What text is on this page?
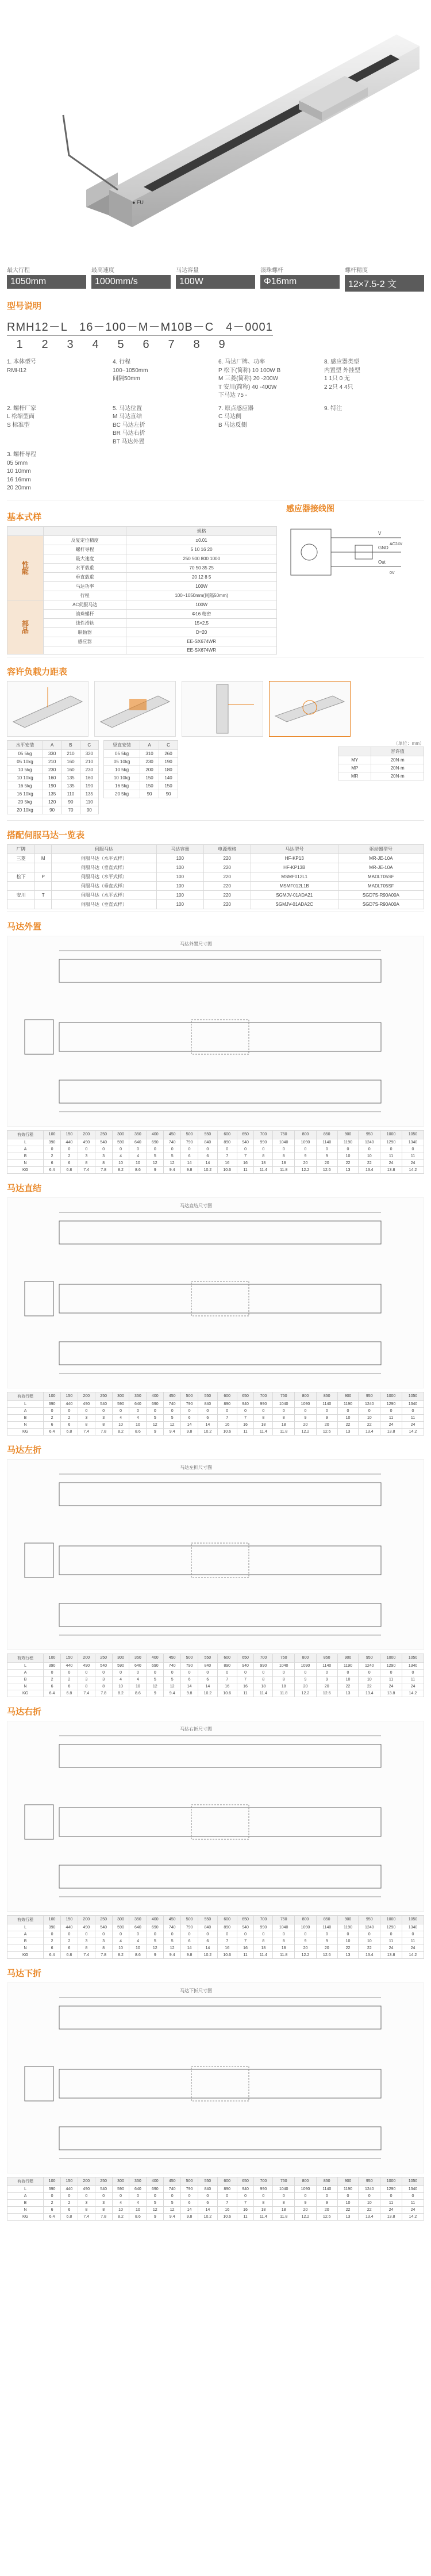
● FU
最大行程
1050mm
最高速度
1000mm/s
马达容量
100W
滚珠螺杆
Φ16mm
螺杆精度
12×7.5-2 文
型号说明
RMH12－L　16－100－M－M10B－C　4－0001
1	2	3	4	5	6	7	8	9
1. 本体型号
RMH12
4. 行程
100~1050mm
间隔50mm
6. 马达厂牌、功率
P 松下(简称) 10 100W B
M 三菱(简称) 20 -200W
T 安川(简称) 40 -400W
下马达 75 -
8. 感应器类型
内置型 外挂型
1 1只 0 无
2 2只 4 4只
2. 螺杆厂家
L 松缩型面
S 标准型
5. 马达位置
M 马达直结
BC 马达左折
BR 马达右折
BT 马达外置
7. 原点感应器
C 马达侧
B 马达反侧
9. 特注
3. 螺杆导程
05 5mm
10 10mm
16 16mm
20 20mm
基本式样
		规格
性能	反复定位精度	±0.01
	螺杆导程	5 10 16 20
	最大速度	250 500 800 1000
	水平载重	70 50 35 25
	垂直载重	20 12 8 5
	马达功率	100W
	行程	100~1050mm(间隔50mm)
部品	AC伺服马达	100W
	滚珠螺杆	Φ16 精密
	线性滑轨	15×2.5
	联轴器	D=20
	感应器	EE-SX674WR
		EE-SX674WR
感应器接线图
V
GND
Out
AC24V
0V
容许负载力距表
水平安装	A	B	C
05 5kg	330	210	320
05 10kg	210	160	210
10 5kg	230	160	230
10 10kg	160	135	160
16 5kg	190	135	190
16 10kg	135	110	135
20 5kg	120	90	110
20 10kg	90	70	90
竖直安装	A	C
05 5kg	310	260
05 10kg	230	190
10 5kg	200	180
10 10kg	150	140
16 5kg	150	150
20 5kg	90	90
（单位：mm）
	容许值
MY	20N·m
MP	20N·m
MR	20N·m
搭配伺服马达一览表
厂牌		伺服马达	马达容量	电源规格	马达型号	驱动器型号
三菱	M	伺服马达（水平式样）	100	220	HF-KP13	MR-JE-10A
		伺服马达（垂直式样）	100	220	HF-KP13B	MR-JE-10A
松下	P	伺服马达（水平式样）	100	220	MSMF012L1	MADLT05SF
		伺服马达（垂直式样）	100	220	MSMF012L1B	MADLT05SF
安川	T	伺服马达（水平式样）	100	220	SGMJV-01ADA21	SGD7S-R90A00A
		伺服马达（垂直式样）	100	220	SGMJV-01ADA2C	SGD7S-R90A00A
马达外置
马达外置尺寸图
有效行程	100	150	200	250	300	350	400	450	500	550	600	650	700	750	800	850	900	950	1000	1050
L	390	440	490	540	590	640	690	740	790	840	890	940	990	1040	1090	1140	1190	1240	1290	1340
A	0	0	0	0	0	0	0	0	0	0	0	0	0	0	0	0	0	0	0	0
B	2	2	3	3	4	4	5	5	6	6	7	7	8	8	9	9	10	10	11	11
N	6	6	8	8	10	10	12	12	14	14	16	16	18	18	20	20	22	22	24	24
KG	6.4	6.8	7.4	7.8	8.2	8.6	9	9.4	9.8	10.2	10.6	11	11.4	11.8	12.2	12.6	13	13.4	13.8	14.2
马达直结
马达直结尺寸图
有效行程	100	150	200	250	300	350	400	450	500	550	600	650	700	750	800	850	900	950	1000	1050
L	390	440	490	540	590	640	690	740	790	840	890	940	990	1040	1090	1140	1190	1240	1290	1340
A	0	0	0	0	0	0	0	0	0	0	0	0	0	0	0	0	0	0	0	0
B	2	2	3	3	4	4	5	5	6	6	7	7	8	8	9	9	10	10	11	11
N	6	6	8	8	10	10	12	12	14	14	16	16	18	18	20	20	22	22	24	24
KG	6.4	6.8	7.4	7.8	8.2	8.6	9	9.4	9.8	10.2	10.6	11	11.4	11.8	12.2	12.6	13	13.4	13.8	14.2
马达左折
马达左折尺寸图
有效行程	100	150	200	250	300	350	400	450	500	550	600	650	700	750	800	850	900	950	1000	1050
L	390	440	490	540	590	640	690	740	790	840	890	940	990	1040	1090	1140	1190	1240	1290	1340
A	0	0	0	0	0	0	0	0	0	0	0	0	0	0	0	0	0	0	0	0
B	2	2	3	3	4	4	5	5	6	6	7	7	8	8	9	9	10	10	11	11
N	6	6	8	8	10	10	12	12	14	14	16	16	18	18	20	20	22	22	24	24
KG	6.4	6.8	7.4	7.8	8.2	8.6	9	9.4	9.8	10.2	10.6	11	11.4	11.8	12.2	12.6	13	13.4	13.8	14.2
马达右折
马达右折尺寸图
有效行程	100	150	200	250	300	350	400	450	500	550	600	650	700	750	800	850	900	950	1000	1050
L	390	440	490	540	590	640	690	740	790	840	890	940	990	1040	1090	1140	1190	1240	1290	1340
A	0	0	0	0	0	0	0	0	0	0	0	0	0	0	0	0	0	0	0	0
B	2	2	3	3	4	4	5	5	6	6	7	7	8	8	9	9	10	10	11	11
N	6	6	8	8	10	10	12	12	14	14	16	16	18	18	20	20	22	22	24	24
KG	6.4	6.8	7.4	7.8	8.2	8.6	9	9.4	9.8	10.2	10.6	11	11.4	11.8	12.2	12.6	13	13.4	13.8	14.2
马达下折
马达下折尺寸图
有效行程	100	150	200	250	300	350	400	450	500	550	600	650	700	750	800	850	900	950	1000	1050
L	390	440	490	540	590	640	690	740	790	840	890	940	990	1040	1090	1140	1190	1240	1290	1340
A	0	0	0	0	0	0	0	0	0	0	0	0	0	0	0	0	0	0	0	0
B	2	2	3	3	4	4	5	5	6	6	7	7	8	8	9	9	10	10	11	11
N	6	6	8	8	10	10	12	12	14	14	16	16	18	18	20	20	22	22	24	24
KG	6.4	6.8	7.4	7.8	8.2	8.6	9	9.4	9.8	10.2	10.6	11	11.4	11.8	12.2	12.6	13	13.4	13.8	14.2
